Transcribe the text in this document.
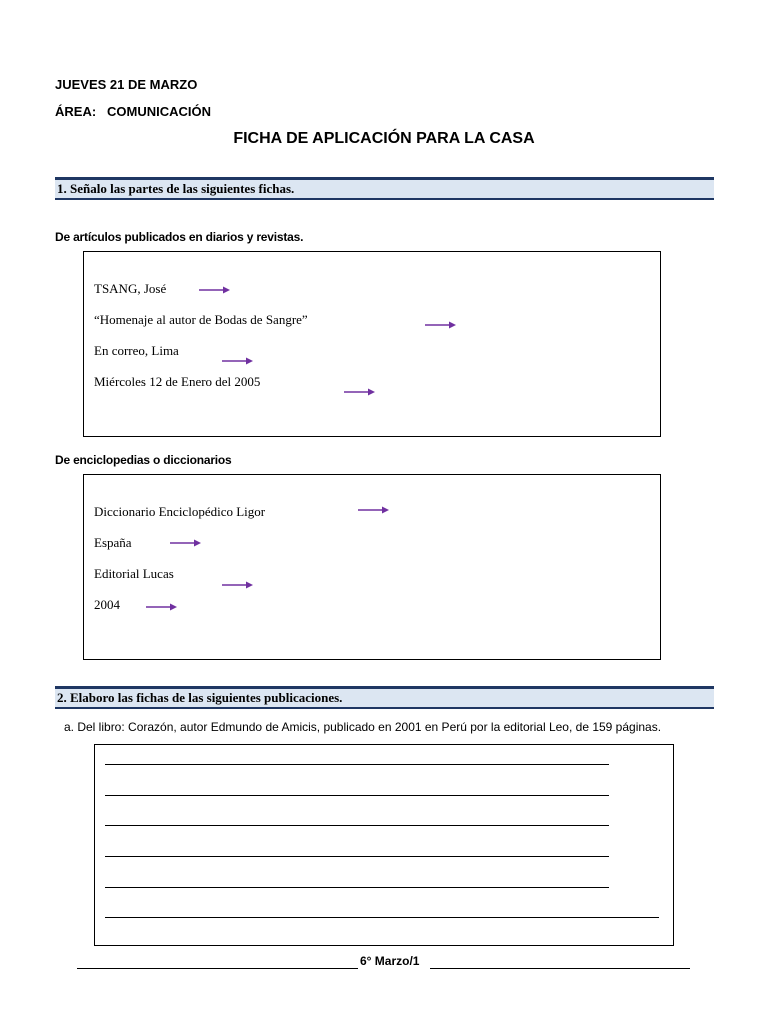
JUEVES 21 DE MARZO
ÁREA: COMUNICACIÓN
FICHA DE APLICACIÓN PARA LA CASA
1. Señalo las partes de las siguientes fichas.
De artículos publicados en diarios y revistas.
TSANG, José
“Homenaje al autor de Bodas de Sangre”
En correo, Lima
Miércoles 12 de Enero del 2005
De enciclopedias o diccionarios
Diccionario Enciclopédico Ligor
España
Editorial Lucas
2004
2. Elaboro las fichas de las siguientes publicaciones.
a. Del libro: Corazón, autor Edmundo de Amicis, publicado en 2001 en Perú por la editorial Leo, de 159 páginas.
6° Marzo/1
